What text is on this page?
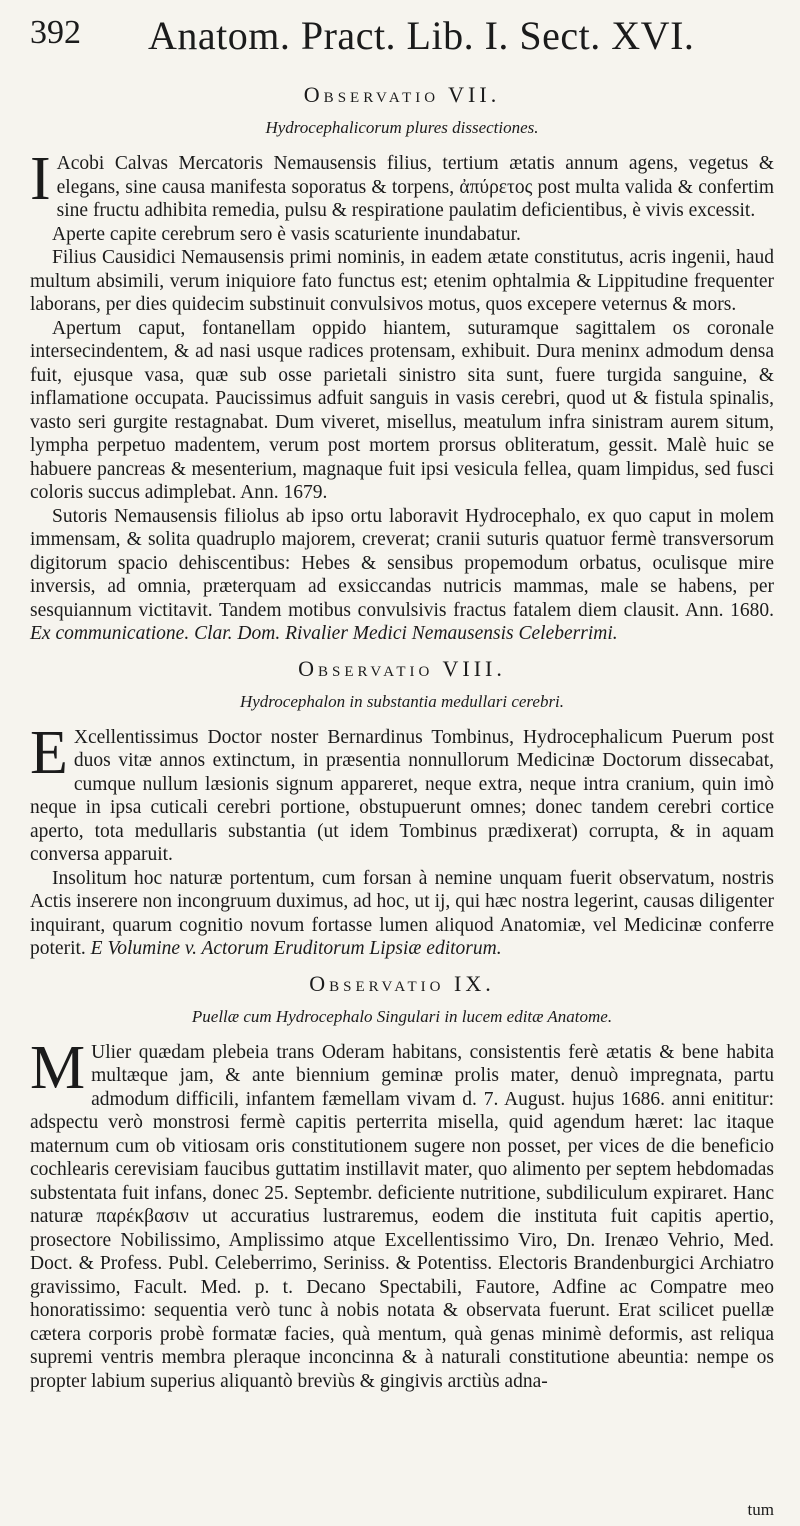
392 Anatom. Pract. Lib. I. Sect. XVI.
Observatio VII.
Hydrocephalicorum plures dissectiones.

I Acobi Calvas Mercatoris Nemausensis filius, tertium ætatis annum agens, vegetus & elegans, sine causa manifesta soporatus & torpens, ἀπύρετος post multa valida & confertim sine fructu adhibita remedia, pulsu & respiratione paulatim deficientibus, è vivis excessit.

Aperte capite cerebrum sero è vasis scaturiente inundabatur.

Filius Causidici Nemausensis primi nominis, in eadem ætate constitutus, acris ingenii, haud multum absimili, verum iniquiore fato functus est; etenim ophtalmia & Lippitudine frequenter laborans, per dies quidecim substinuit convulsivos motus, quos excepere veternus & mors.

Apertum caput, fontanellam oppido hiantem, suturamque sagittalem os coronale intersecindentem, & ad nasi usque radices protensam, exhibuit. Dura meninx admodum densa fuit, ejusque vasa, quæ sub osse parietali sinistro sita sunt, fuere turgida sanguine, & inflamatione occupata. Paucissimus adfuit sanguis in vasis cerebri, quod ut & fistula spinalis, vasto seri gurgite restagnabat. Dum viveret, misellus, meatulum infra sinistram aurem situm, lympha perpetuo madentem, verum post mortem prorsus obliteratum, gessit. Malè huic se habuere pancreas & mesenterium, magnaque fuit ipsi vesicula fellea, quam limpidus, sed fusci coloris succus adimplebat. Ann. 1679.

Sutoris Nemausensis filiolus ab ipso ortu laboravit Hydrocephalo, ex quo caput in molem immensam, & solita quadruplo majorem, creverat; cranii suturis quatuor fermè transversorum digitorum spacio dehiscentibus: Hebes & sensibus propemodum orbatus, oculisque mire inversis, ad omnia, præterquam ad exsiccandas nutricis mammas, male se habens, per sesquiannum victitavit. Tandem motibus convulsivis fractus fatalem diem clausit. Ann. 1680. Ex communicatione. Clar. Dom. Rivalier Medici Nemausensis Celeberrimi.

Observatio VIII.
Hydrocephalon in substantia medullari cerebri.

E Xcellentissimus Doctor noster Bernardinus Tombinus, Hydrocephalicum Puerum post duos vitæ annos extinctum, in præsentia nonnullorum Medicinæ Doctorum dissecabat, cumque nullum læsionis signum appareret, neque extra, neque intra cranium, quin imò neque in ipsa cuticali cerebri portione, obstupuerunt omnes; donec tandem cerebri cortice aperto, tota medullaris substantia (ut idem Tombinus prædixerat) corrupta, & in aquam conversa apparuit.

Insolitum hoc naturæ portentum, cum forsan à nemine unquam fuerit observatum, nostris Actis inserere non incongruum duximus, ad hoc, ut ij, qui hæc nostra legerint, causas diligenter inquirant, quarum cognitio novum fortasse lumen aliquod Anatomiæ, vel Medicinæ conferre poterit. E Volumine v. Actorum Eruditorum Lipsiæ editorum.

Observatio IX.
Puellæ cum Hydrocephalo Singulari in lucem editæ Anatome.

M Ulier quædam plebeia trans Oderam habitans, consistentis ferè ætatis & bene habita multæque jam, & ante biennium geminæ prolis mater, denuò impregnata, partu admodum difficili, infantem fæmellam vivam d. 7. August. hujus 1686. anni enititur: adspectu verò monstrosi fermè capitis perterrita misella, quid agendum hæret: lac itaque maternum cum ob vitiosam oris constitutionem sugere non posset, per vices de die beneficio cochlearis cerevisiam faucibus guttatim instillavit mater, quo alimento per septem hebdomadas substentata fuit infans, donec 25. Septembr. deficiente nutritione, subdiliculum expiraret. Hanc naturæ παρέκβασιν ut accuratius lustraremus, eodem die instituta fuit capitis apertio, prosectore Nobilissimo, Amplissimo atque Excellentissimo Viro, Dn. Irenæo Vehrio, Med. Doct. & Profess. Publ. Celeberrimo, Seriniss. & Potentiss. Electoris Brandenburgici Archiatro gravissimo, Facult. Med. p. t. Decano Spectabili, Fautore, Adfine ac Compatre meo honoratissimo: sequentia verò tunc à nobis notata & observata fuerunt. Erat scilicet puellæ cætera corporis probè formatæ facies, quà mentum, quà genas minimè deformis, ast reliqua supremi ventris membra pleraque inconcinna & à naturali constitutione abeuntia: nempe os propter labium superius aliquantò breviùs & gingivis arctiùs adna-

tum
